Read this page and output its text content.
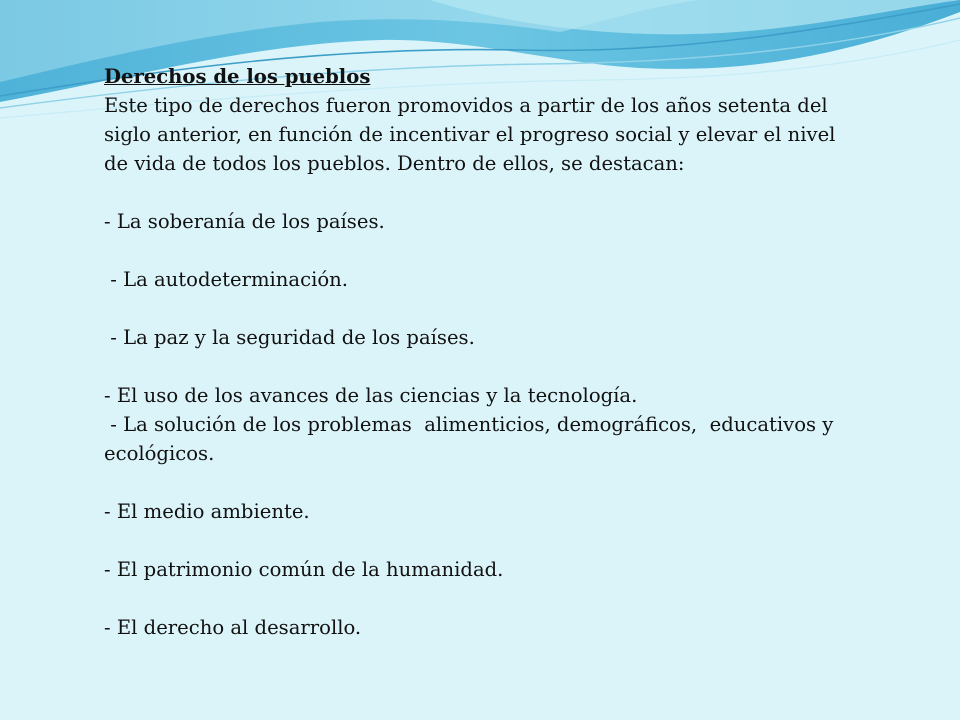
Derechos de los pueblos
Este tipo de derechos fueron promovidos a partir de los años setenta del
siglo anterior, en función de incentivar el progreso social y elevar el nivel
de vida de todos los pueblos. Dentro de ellos, se destacan:
- La soberanía de los países.
- La autodeterminación.
- La paz y la seguridad de los países.
- El uso de los avances de las ciencias y la tecnología.
- La solución de los problemas  alimenticios, demográficos,  educativos y
ecológicos.
- El medio ambiente.
- El patrimonio común de la humanidad.
- El derecho al desarrollo.
